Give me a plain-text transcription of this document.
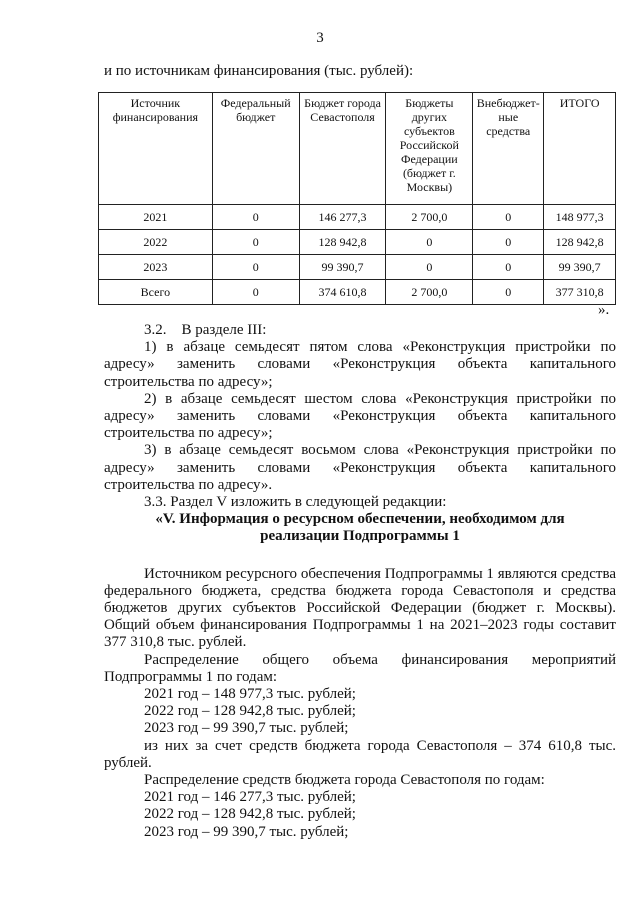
3
и по источникам финансирования (тыс. рублей):
Источник финансирования	Федеральный бюджет	Бюджет города Севастополя	Бюджеты других субъектов Российской Федерации (бюджет г. Москвы)	Внебюджет-ные средства	ИТОГО
2021	0	146 277,3	2 700,0	0	148 977,3
2022	0	128 942,8	0	0	128 942,8
2023	0	99 390,7	0	0	99 390,7
Всего	0	374 610,8	2 700,0	0	377 310,8
».

3.2.    В разделе III:

1) в абзаце семьдесят пятом слова «Реконструкция пристройки по адресу» заменить словами «Реконструкция объекта капитального строительства по адресу»;

2) в абзаце семьдесят шестом слова «Реконструкция пристройки по адресу» заменить словами «Реконструкция объекта капитального строительства по адресу»;

3) в абзаце семьдесят восьмом слова «Реконструкция пристройки по адресу» заменить словами «Реконструкция объекта капитального строительства по адресу».

3.3. Раздел V изложить в следующей редакции:

«V. Информация о ресурсном обеспечении, необходимом для реализации Подпрограммы 1

Источником ресурсного обеспечения Подпрограммы 1 являются средства федерального бюджета, средства бюджета города Севастополя и средства бюджетов других субъектов Российской Федерации (бюджет г. Москвы). Общий объем финансирования Подпрограммы 1 на 2021–2023 годы составит 377 310,8 тыс. рублей.

Распределение общего объема финансирования мероприятий Подпрограммы 1 по годам:

2021 год – 148 977,3 тыс. рублей;

2022 год – 128 942,8 тыс. рублей;

2023 год – 99 390,7 тыс. рублей;

из них за счет средств бюджета города Севастополя – 374 610,8 тыс. рублей.

Распределение средств бюджета города Севастополя по годам:

2021 год – 146 277,3 тыс. рублей;

2022 год – 128 942,8 тыс. рублей;

2023 год – 99 390,7 тыс. рублей;
